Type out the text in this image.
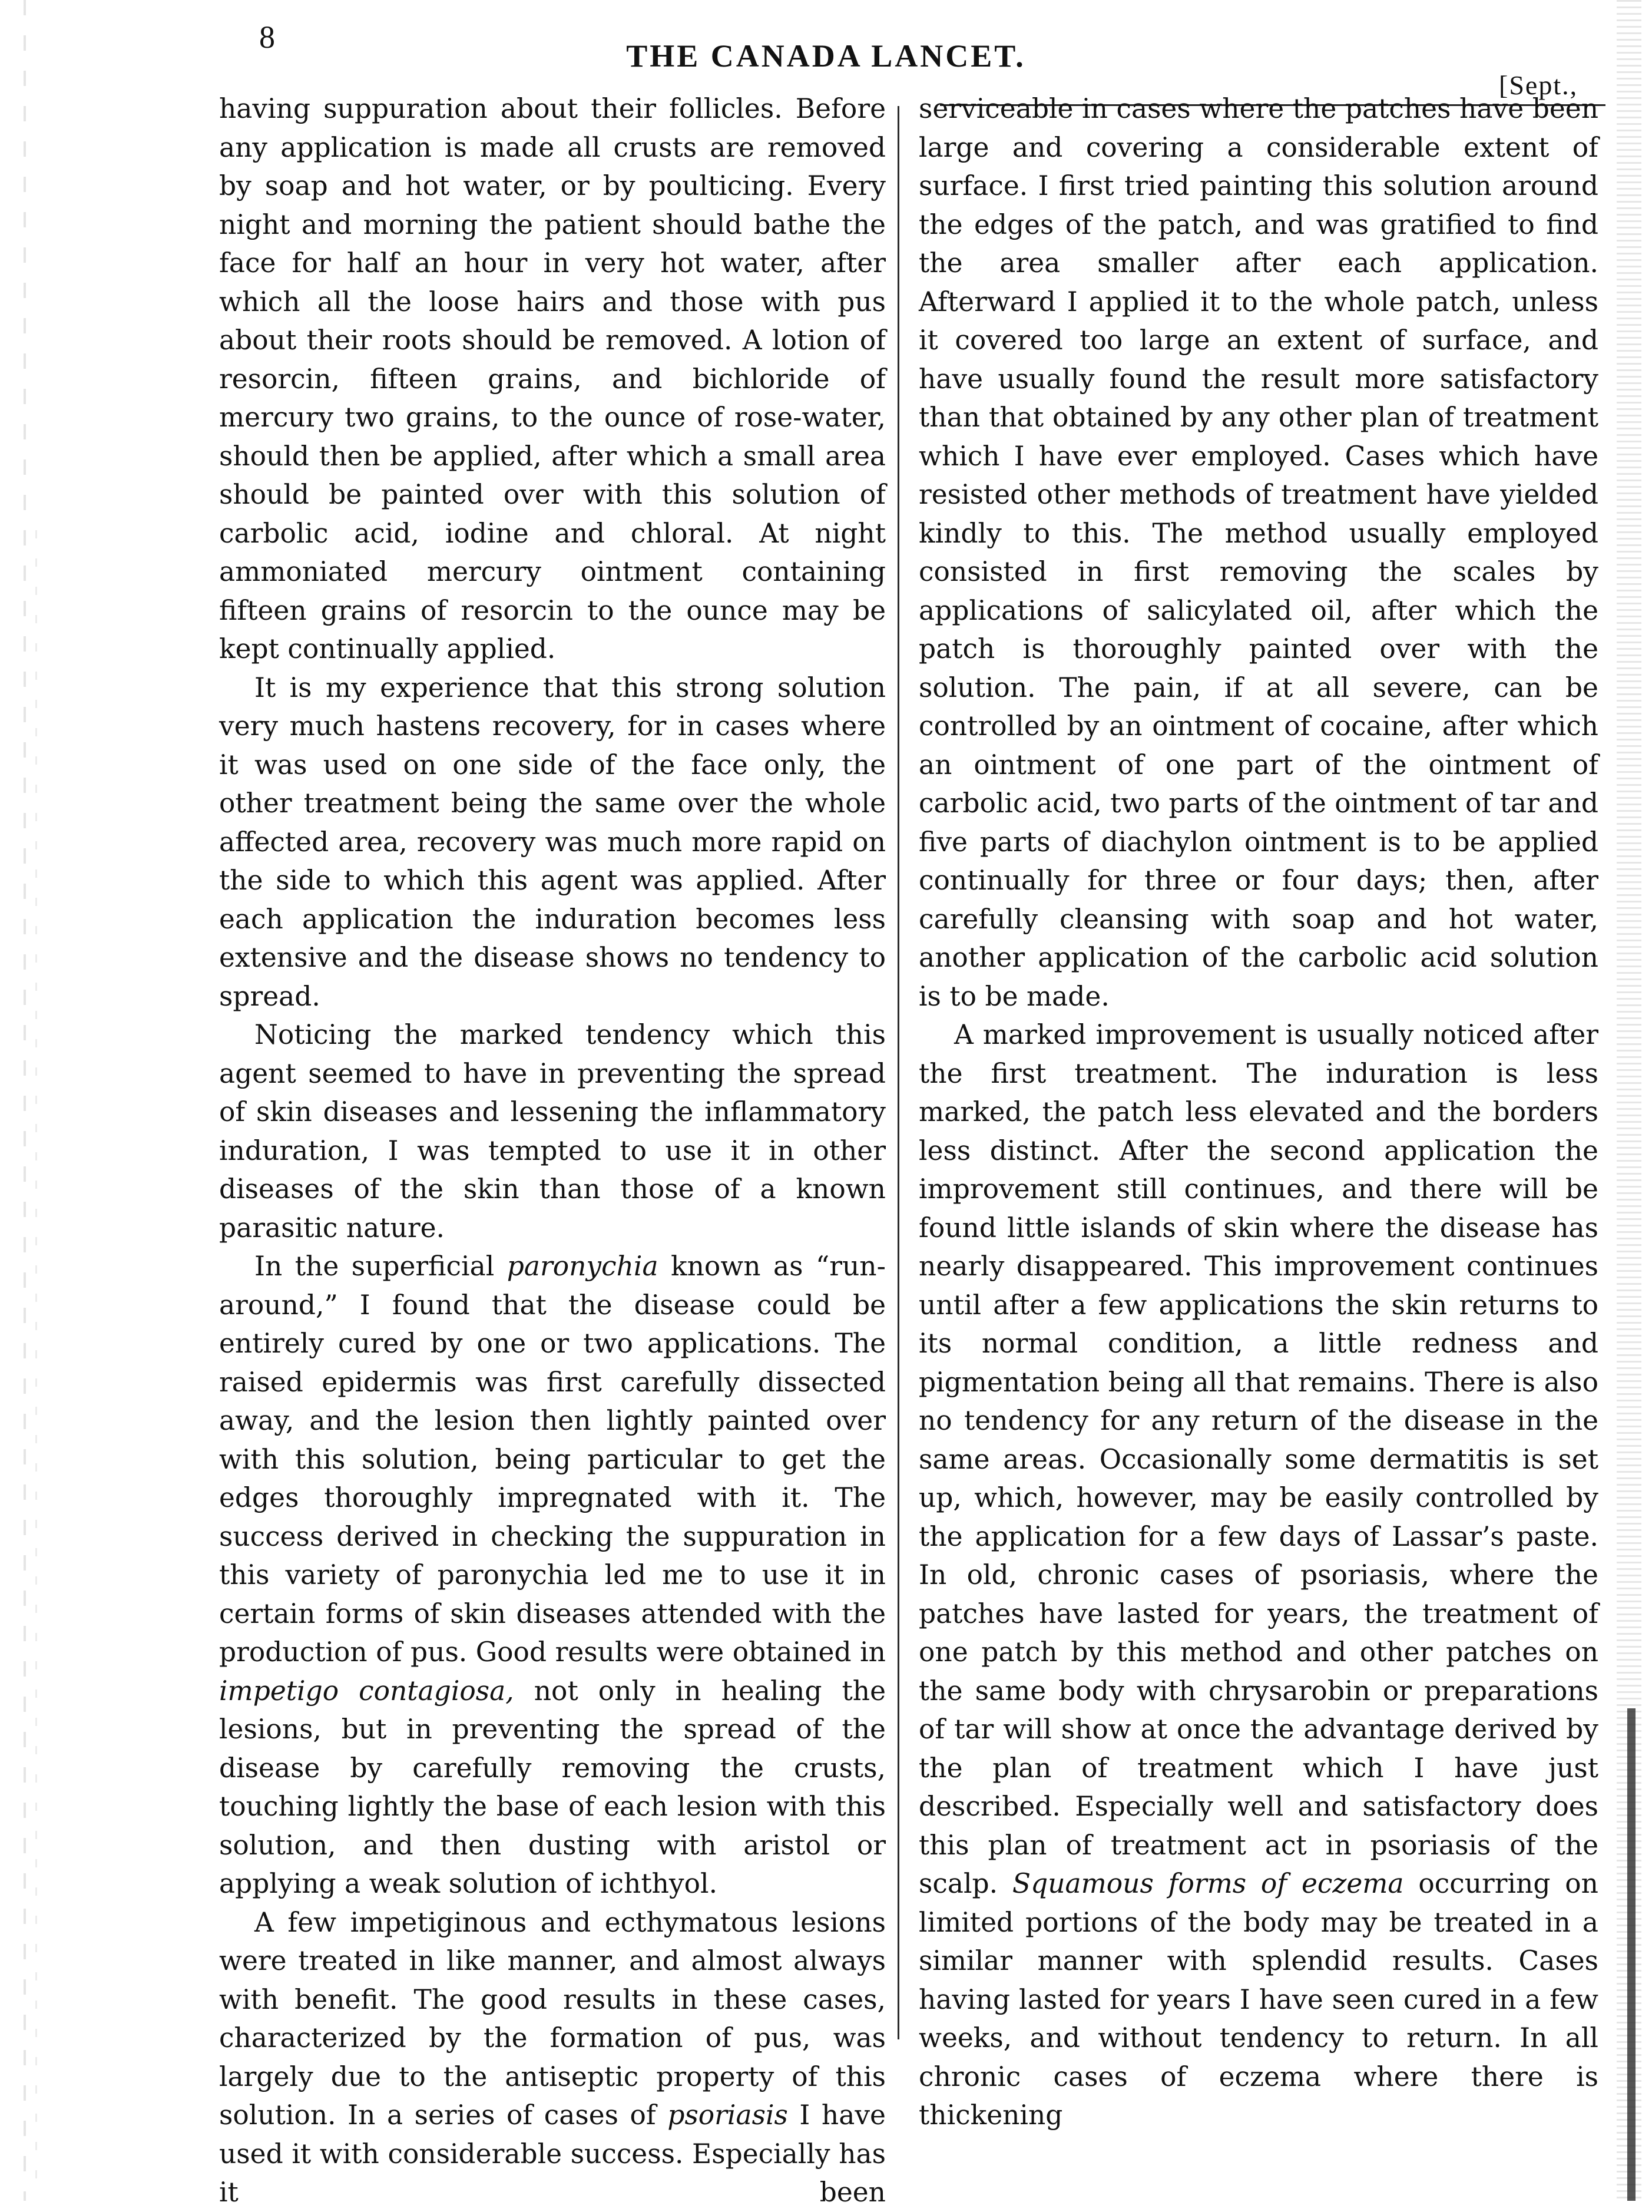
8
THE CANADA LANCET.
[Sept.,

having suppuration about their follicles. Before any application is made all crusts are removed by soap and hot water, or by poulticing. Every night and morning the patient should bathe the face for half an hour in very hot water, after which all the loose hairs and those with pus about their roots should be removed. A lotion of resorcin, fifteen grains, and bichloride of mercury two grains, to the ounce of rose-water, should then be applied, after which a small area should be painted over with this solution of carbolic acid, iodine and chloral. At night ammoniated mercury ointment containing fifteen grains of resorcin to the ounce may be kept continually applied.

It is my experience that this strong solution very much hastens recovery, for in cases where it was used on one side of the face only, the other treatment being the same over the whole affected area, recovery was much more rapid on the side to which this agent was applied. After each application the induration becomes less extensive and the disease shows no tendency to spread.

Noticing the marked tendency which this agent seemed to have in preventing the spread of skin diseases and lessening the inflammatory induration, I was tempted to use it in other diseases of the skin than those of a known parasitic nature.

In the superficial paronychia known as “run-around,” I found that the disease could be entirely cured by one or two applications. The raised epidermis was first carefully dissected away, and the lesion then lightly painted over with this solution, being particular to get the edges thoroughly impregnated with it. The success derived in checking the suppuration in this variety of paronychia led me to use it in certain forms of skin diseases attended with the production of pus. Good results were obtained in impetigo contagiosa, not only in healing the lesions, but in preventing the spread of the disease by carefully removing the crusts, touching lightly the base of each lesion with this solution, and then dusting with aristol or applying a weak solution of ichthyol.

A few impetiginous and ecthymatous lesions were treated in like manner, and almost always with benefit. The good results in these cases, characterized by the formation of pus, was largely due to the antiseptic property of this solution. In a series of cases of psoriasis I have used it with considerable success. Especially has it been

serviceable in cases where the patches have been large and covering a considerable extent of surface. I first tried painting this solution around the edges of the patch, and was gratified to find the area smaller after each application. Afterward I applied it to the whole patch, unless it covered too large an extent of surface, and have usually found the result more satisfactory than that obtained by any other plan of treatment which I have ever employed. Cases which have resisted other methods of treatment have yielded kindly to this. The method usually employed consisted in first removing the scales by applications of salicylated oil, after which the patch is thoroughly painted over with the solution. The pain, if at all severe, can be controlled by an ointment of cocaine, after which an ointment of one part of the ointment of carbolic acid, two parts of the ointment of tar and five parts of diachylon ointment is to be applied continually for three or four days; then, after carefully cleansing with soap and hot water, another application of the carbolic acid solution is to be made.

A marked improvement is usually noticed after the first treatment. The induration is less marked, the patch less elevated and the borders less distinct. After the second application the improvement still continues, and there will be found little islands of skin where the disease has nearly disappeared. This improvement continues until after a few applications the skin returns to its normal condition, a little redness and pigmentation being all that remains. There is also no tendency for any return of the disease in the same areas. Occasionally some dermatitis is set up, which, however, may be easily controlled by the application for a few days of Lassar’s paste. In old, chronic cases of psoriasis, where the patches have lasted for years, the treatment of one patch by this method and other patches on the same body with chrysarobin or preparations of tar will show at once the advantage derived by the plan of treatment which I have just described. Especially well and satisfactory does this plan of treatment act in psoriasis of the scalp. Squamous forms of eczema occurring on limited portions of the body may be treated in a similar manner with splendid results. Cases having lasted for years I have seen cured in a few weeks, and without tendency to return. In all chronic cases of eczema where there is thickening
